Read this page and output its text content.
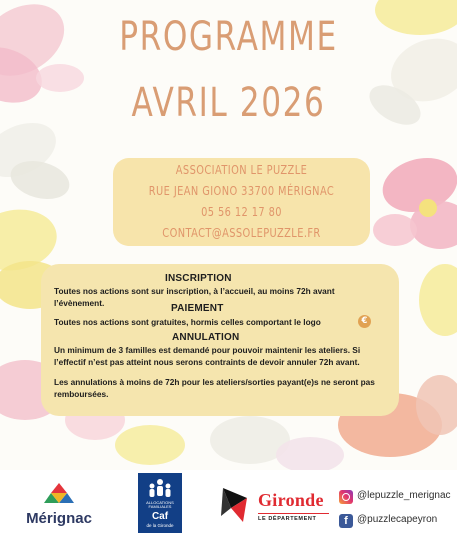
PROGRAMME
AVRIL 2026
ASSOCIATION LE PUZZLE
RUE JEAN GIONO 33700 MÉRIGNAC
05 56 12 17 80
CONTACT@ASSOLEPUZZLE.FR
INSCRIPTION
Toutes nos actions sont sur inscription, à l’accueil, au moins 72h avant l’évènement.
PAIEMENT
Toutes nos actions sont gratuites, hormis celles comportant le logo	€
ANNULATION
Un minimum de 3 familles est demandé pour pouvoir maintenir les ateliers. Si l’effectif n’est pas atteint nous serons contraints de devoir annuler 72h avant.
Les annulations à moins de 72h pour les ateliers/sorties payant(e)s ne seront pas remboursées.
Mérignac
ALLOCATIONS
FAMILIALES
Caf
de la Gironde
Gironde
LE DÉPARTEMENT
@lepuzzle_merignac
f @puzzlecapeyron
